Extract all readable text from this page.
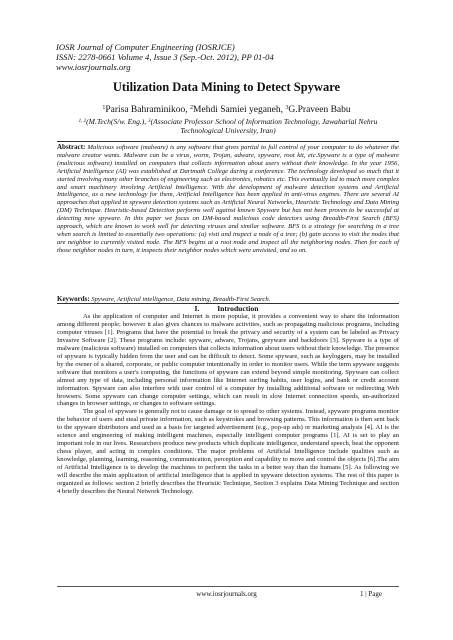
IOSR Journal of Computer Engineering (IOSRJCE)
ISSN: 2278-0661 Volume 4, Issue 3 (Sep.-Oct. 2012), PP 01-04
www.iosrjournals.org
Utilization Data Mining to Detect Spyware
$^1$Parisa Bahraminikoo, $^2$Mehdi Samiei yeganeh, $^3$G.Praveen Babu
$^{1, 2}$(M.Tech(S/w. Eng.), $^3$(Associate Professor School of Information Technology, Jawaharlal Nehru Technological University, Iran)
Abstract: Malicious software (malware) is any software that gives partial to full control of your computer to do whatever the malware creator wants. Malware can be a virus, worm, Trojan, adware, spyware, root kit, etc.Spyware is a type of malware (malicious software) installed on computers that collects information about users without their knowledge. In the year 1956, Artificial Intelligence (AI) was established at Dartmath College during a conference. The technology developed so much that it started involving many other branches of engineering such as electronics, robotics etc. This eventually led to much more complex and smart machinery involving Artificial Intelligence. With the development of malware detection systems and Artificial Intelligence, as a new technology for them, Artificial Intelligence has been applied in anti-virus engines. There are several AI approaches that applied in spyware detection systems such as Artificial Neural Networks, Heuristic Technology and Data Mining (DM) Technique. Heuristic-based Detection performs well against known Spyware but has not been proven to be successful at detecting new spyware. In this paper we focus on DM-based malicious code detectors using Breadth-First Search (BFS) approach, which are known to work well for detecting viruses and similar software. BFS is a strategy for searching in a tree when search is limited to essentially two operations: (a) visit and inspect a node of a tree; (b) gain access to visit the nodes that are neighbor to currently visited node. The BFS begins at a root node and inspect all the neighboring nodes. Then for each of those neighbor nodes in turn, it inspects their neighbor nodes which were unvisited, and so on.
Keywords: Spyware, Artificial intelligence, Data mining, Breadth-First Search.
I. Introduction

As the application of computer and Internet is more popular, it provides a convenient way to share the information among different people; however it also gives chances to malware activities, such as propagating malicious programs, including computer viruses [1]. Programs that have the potential to break the privacy and security of a system can be labeled as Privacy Invasive Software [2]. These programs include: spyware, adware, Trojans, greyware and backdoors [3]. Spyware is a type of malware (malicious software) installed on computers that collects information about users without their knowledge. The presence of spyware is typically hidden from the user and can be difficult to detect. Some spyware, such as keyloggers, may be installed by the owner of a shared, corporate, or public computer intentionally in order to monitor users. While the term spyware suggests software that monitors a user's computing, the functions of spyware can extend beyond simple monitoring. Spyware can collect almost any type of data, including personal information like Internet surfing habits, user logins, and bank or credit account information. Spyware can also interfere with user control of a computer by installing additional software or redirecting Web browsers. Some spyware can change computer settings, which can result in slow Internet connection speeds, un-authorized changes in browser settings, or changes to software settings.

The goal of spyware is generally not to cause damage or to spread to other systems. Instead, spyware programs monitor the behavior of users and steal private information, such as keystrokes and browsing patterns. This information is then sent back to the spyware distributors and used as a basis for targeted advertisement (e.g., pop-up ads) or marketing analysis [4]. AI is the science and engineering of making intelligent machines, especially intelligent computer programs [1]. AI is set to play an important role in our lives. Researchers produce new products which duplicate intelligence, understand speech, beat the opponent chess player, and acting in complex conditions. The major problems of Artificial Intelligence include qualities such as knowledge, planning, learning, reasoning, communication, perception and capability to move and control the objects [6].The aim of Artificial Intelligence is to develop the machines to perform the tasks in a better way than the humans [5]. As following we will describe the main application of artificial intelligence that is applied in spyware detection systems. The rest of this paper is organized as follows: section 2 briefly describes the Heuristic Technique, Section 3 explains Data Mining Technique and section 4 briefly describes the Neural Network Technology.

www.iosrjournals.org	1 | Page
